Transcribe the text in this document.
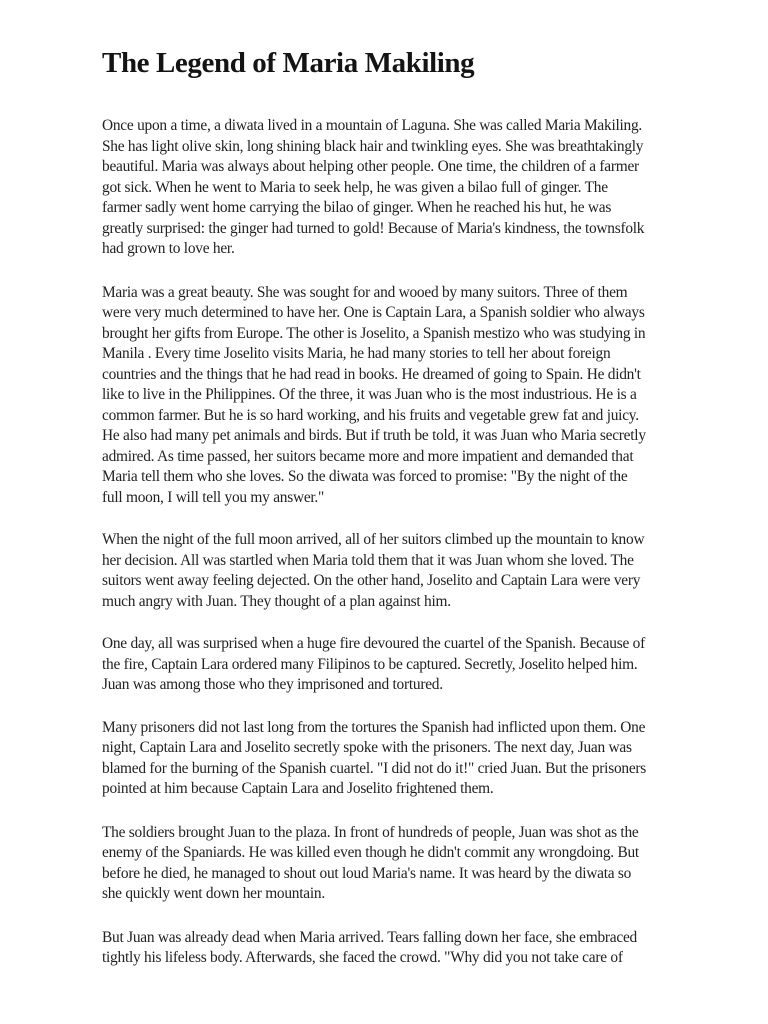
The Legend of Maria Makiling

Once upon a time, a diwata lived in a mountain of Laguna. She was called Maria Makiling.
She has light olive skin, long shining black hair and twinkling eyes. She was breathtakingly
beautiful. Maria was always about helping other people. One time, the children of a farmer
got sick. When he went to Maria to seek help, he was given a bilao full of ginger. The
farmer sadly went home carrying the bilao of ginger. When he reached his hut, he was
greatly surprised: the ginger had turned to gold! Because of Maria's kindness, the townsfolk
had grown to love her.

Maria was a great beauty. She was sought for and wooed by many suitors. Three of them
were very much determined to have her. One is Captain Lara, a Spanish soldier who always
brought her gifts from Europe. The other is Joselito, a Spanish mestizo who was studying in
Manila . Every time Joselito visits Maria, he had many stories to tell her about foreign
countries and the things that he had read in books. He dreamed of going to Spain. He didn't
like to live in the Philippines. Of the three, it was Juan who is the most industrious. He is a
common farmer. But he is so hard working, and his fruits and vegetable grew fat and juicy.
He also had many pet animals and birds. But if truth be told, it was Juan who Maria secretly
admired. As time passed, her suitors became more and more impatient and demanded that
Maria tell them who she loves. So the diwata was forced to promise: "By the night of the
full moon, I will tell you my answer."

When the night of the full moon arrived, all of her suitors climbed up the mountain to know
her decision. All was startled when Maria told them that it was Juan whom she loved. The
suitors went away feeling dejected. On the other hand, Joselito and Captain Lara were very
much angry with Juan. They thought of a plan against him.

One day, all was surprised when a huge fire devoured the cuartel of the Spanish. Because of
the fire, Captain Lara ordered many Filipinos to be captured. Secretly, Joselito helped him.
Juan was among those who they imprisoned and tortured.

Many prisoners did not last long from the tortures the Spanish had inflicted upon them. One
night, Captain Lara and Joselito secretly spoke with the prisoners. The next day, Juan was
blamed for the burning of the Spanish cuartel. "I did not do it!" cried Juan. But the prisoners
pointed at him because Captain Lara and Joselito frightened them.

The soldiers brought Juan to the plaza. In front of hundreds of people, Juan was shot as the
enemy of the Spaniards. He was killed even though he didn't commit any wrongdoing. But
before he died, he managed to shout out loud Maria's name. It was heard by the diwata so
she quickly went down her mountain.

But Juan was already dead when Maria arrived. Tears falling down her face, she embraced
tightly his lifeless body. Afterwards, she faced the crowd. "Why did you not take care of
